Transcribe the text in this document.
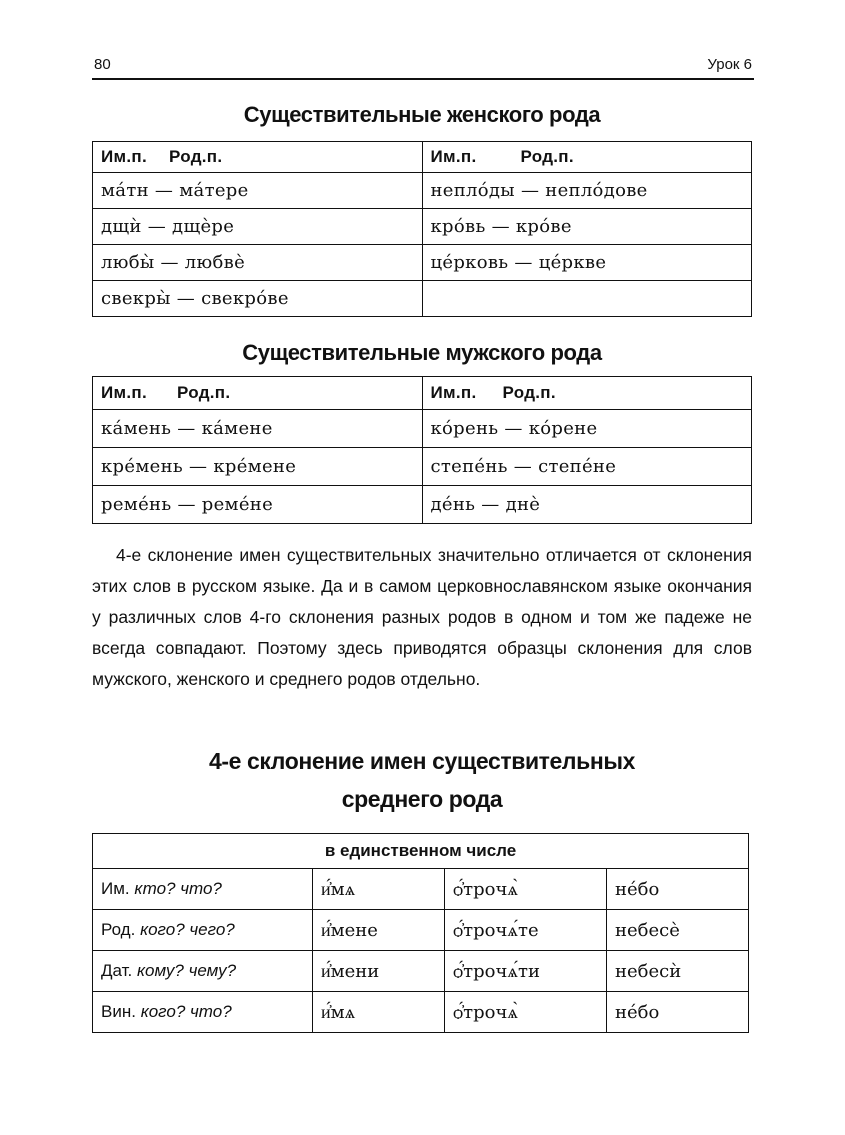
80	Урок 6
Существительные женского рода
Им.п. Род.п.	Им.п. Род.п.
ма́тн — ма́тере	непло́ды — непло́дове
дщѝ — дщѐре	кро́вь — кро́ве
любы̀ — любвѐ	це́рковь — це́ркве
свекры̀ — свекро́ве	
Существительные мужского рода
Им.п. Род.п.	Им.п. Род.п.
ка́мень — ка́мене	ко́рень — ко́рене
кре́мень — кре́мене	степе́нь — степе́не
реме́нь — реме́не	де́нь — днѐ

4-е склонение имен существительных значительно отличается от склонения этих слов в русском языке. Да и в самом церковнославянском языке окончания у различных слов 4-го склонения разных родов в одном и том же падеже не всегда совпадают. Поэтому здесь приводятся образцы склонения для слов мужского, женского и среднего родов отдельно.

4-е склонение имен существительных
среднего рода
в единственном числе			
Им. кто? что?	и҆́мѧ	ѻ҆́трочѧ̀	не́бо
Род. кого? чего?	и҆́мене	ѻ҆́трочѧ́те	небесѐ
Дат. кому? чему?	и҆́мени	ѻ҆́трочѧ́ти	небесѝ
Вин. кого? что?	и҆́мѧ	ѻ҆́трочѧ̀	не́бо
